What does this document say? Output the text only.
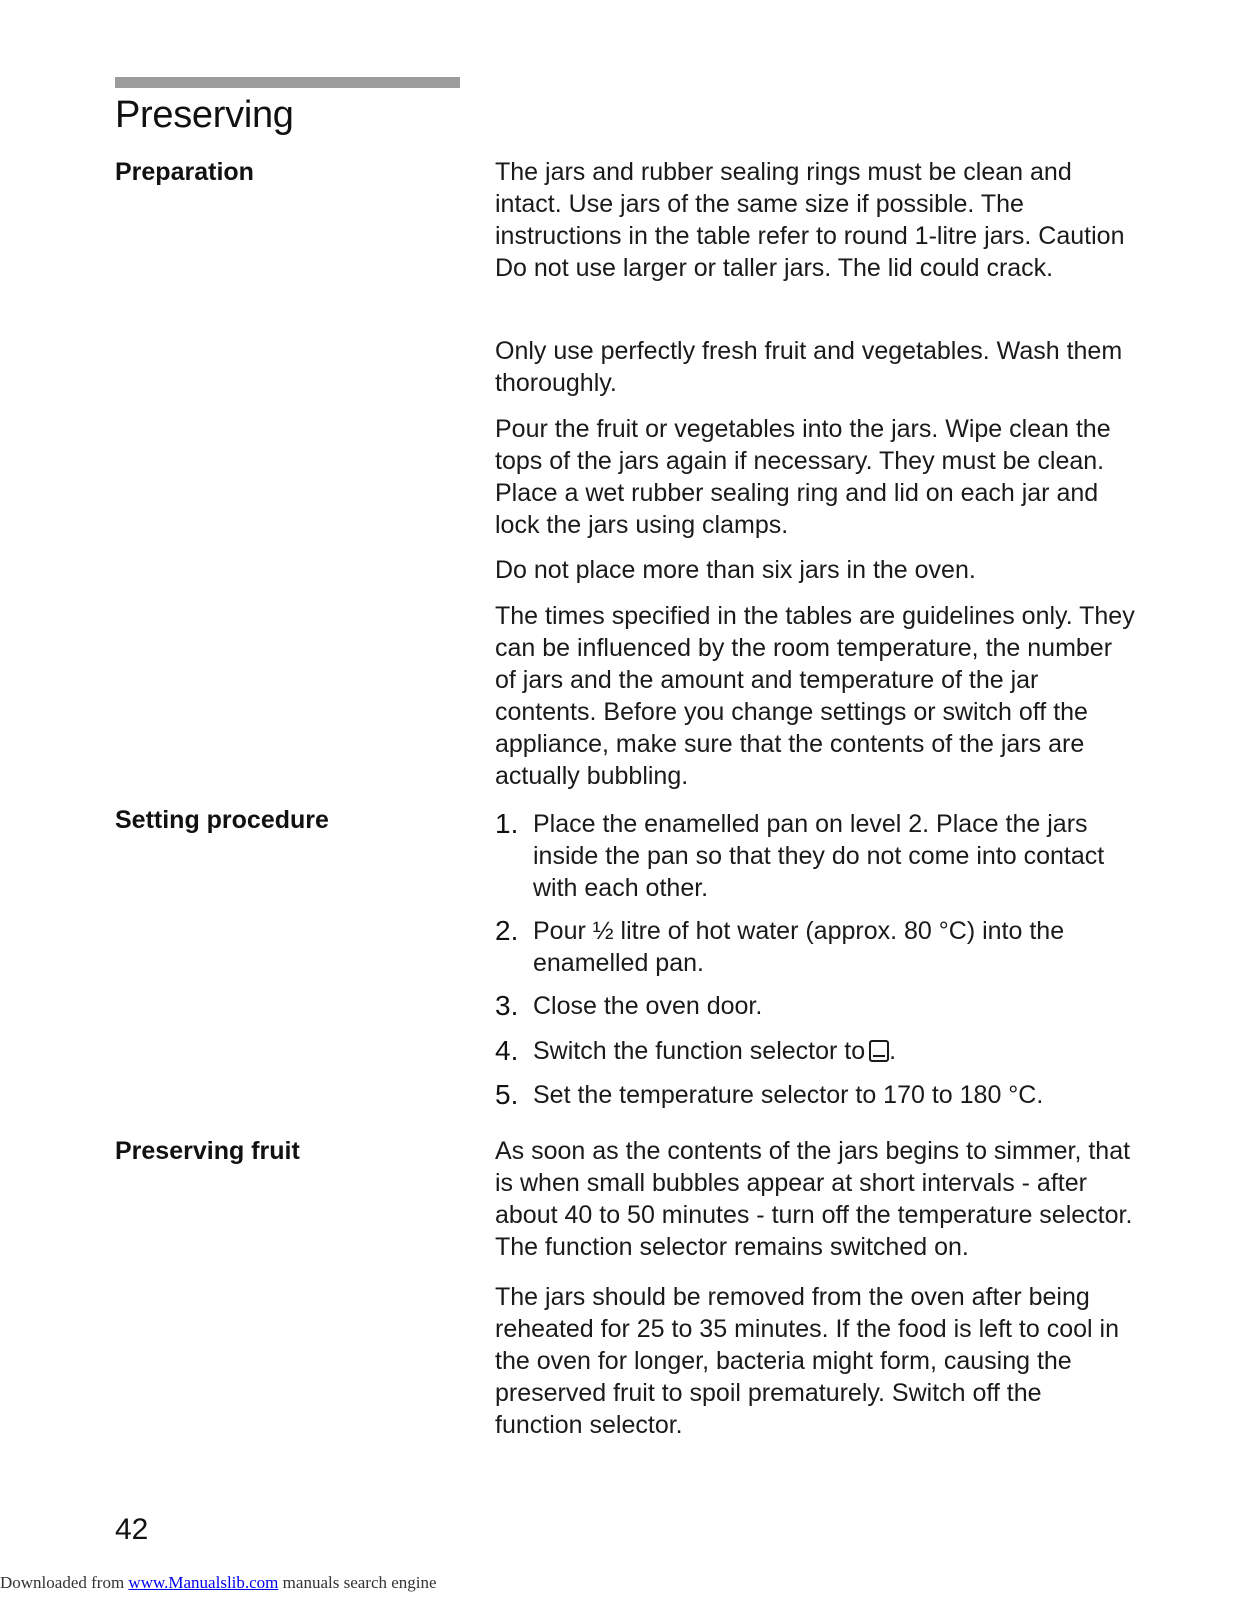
Preserving
Preparation	The jars and rubber sealing rings must be clean and intact. Use jars of the same size if possible. The instructions in the table refer to round 1-litre jars. Caution Do not use larger or taller jars. The lid could crack.

Only use perfectly fresh fruit and vegetables. Wash them thoroughly.

Pour the fruit or vegetables into the jars. Wipe clean the tops of the jars again if necessary. They must be clean. Place a wet rubber sealing ring and lid on each jar and lock the jars using clamps.

Do not place more than six jars in the oven.

The times specified in the tables are guidelines only. They can be influenced by the room temperature, the number of jars and the amount and temperature of the jar contents. Before you change settings or switch off the appliance, make sure that the contents of the jars are actually bubbling.

Setting procedure	1. Place the enamelled pan on level 2. Place the jars inside the pan so that they do not come into contact with each other.
2. Pour ½ litre of hot water (approx. 80 °C) into the enamelled pan.
3. Close the oven door.
4. Switch the function selector to .
5. Set the temperature selector to 170 to 180 °C.
Preserving fruit	As soon as the contents of the jars begins to simmer, that is when small bubbles appear at short intervals - after about 40 to 50 minutes - turn off the temperature selector. The function selector remains switched on.

The jars should be removed from the oven after being reheated for 25 to 35 minutes. If the food is left to cool in the oven for longer, bacteria might form, causing the preserved fruit to spoil prematurely. Switch off the function selector.

42

Downloaded from www.Manualslib.com manuals search engine
